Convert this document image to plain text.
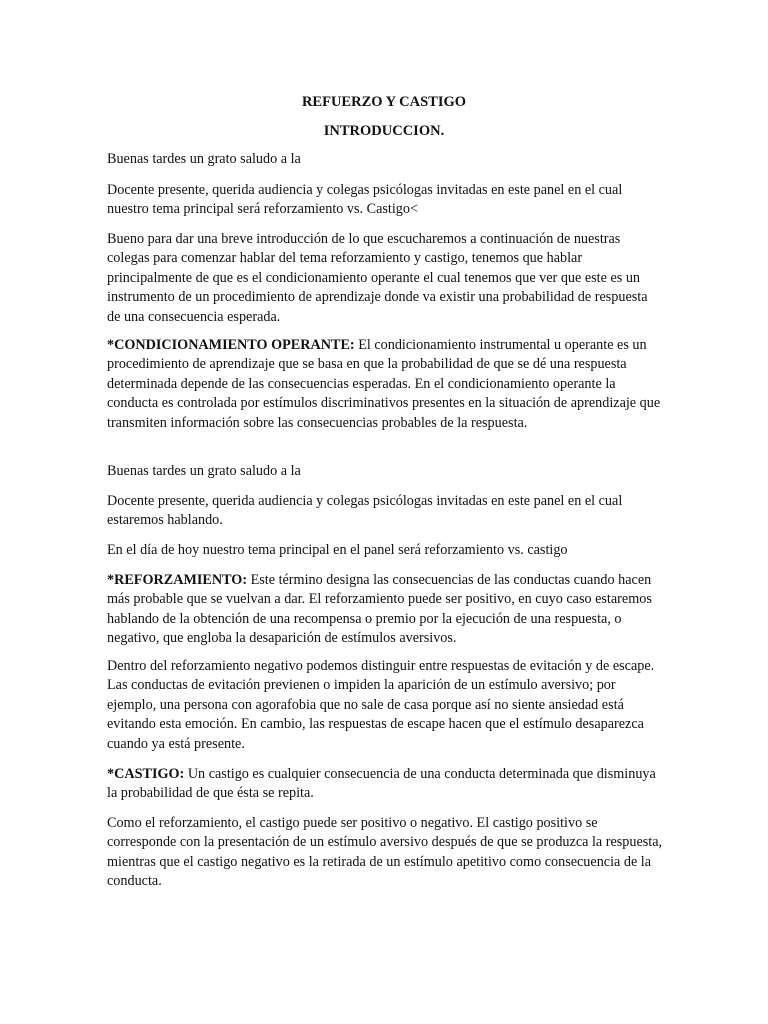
REFUERZO Y CASTIGO
INTRODUCCION.
Buenas tardes un grato saludo a la
Docente presente, querida audiencia y colegas psicólogas invitadas en este panel en el cual nuestro tema principal será reforzamiento vs. Castigo<
Bueno para dar una breve introducción de lo que escucharemos a continuación de nuestras colegas para comenzar hablar del tema reforzamiento y castigo, tenemos que hablar principalmente de que es el condicionamiento operante el cual tenemos que ver que este es un instrumento de un procedimiento de aprendizaje donde va existir una probabilidad de respuesta de una consecuencia esperada.
*CONDICIONAMIENTO OPERANTE: El condicionamiento instrumental u operante es un procedimiento de aprendizaje que se basa en que la probabilidad de que se dé una respuesta determinada depende de las consecuencias esperadas. En el condicionamiento operante la conducta es controlada por estímulos discriminativos presentes en la situación de aprendizaje que transmiten información sobre las consecuencias probables de la respuesta.
Buenas tardes un grato saludo a la
Docente presente, querida audiencia y colegas psicólogas invitadas en este panel en el cual estaremos hablando.
En el día de hoy nuestro tema principal en el panel será reforzamiento vs. castigo
*REFORZAMIENTO: Este término designa las consecuencias de las conductas cuando hacen más probable que se vuelvan a dar. El reforzamiento puede ser positivo, en cuyo caso estaremos hablando de la obtención de una recompensa o premio por la ejecución de una respuesta, o negativo, que engloba la desaparición de estímulos aversivos.
Dentro del reforzamiento negativo podemos distinguir entre respuestas de evitación y de escape. Las conductas de evitación previenen o impiden la aparición de un estímulo aversivo; por ejemplo, una persona con agorafobia que no sale de casa porque así no siente ansiedad está evitando esta emoción. En cambio, las respuestas de escape hacen que el estímulo desaparezca cuando ya está presente.
*CASTIGO: Un castigo es cualquier consecuencia de una conducta determinada que disminuya la probabilidad de que ésta se repita.
Como el reforzamiento, el castigo puede ser positivo o negativo. El castigo positivo se corresponde con la presentación de un estímulo aversivo después de que se produzca la respuesta, mientras que el castigo negativo es la retirada de un estímulo apetitivo como consecuencia de la conducta.
